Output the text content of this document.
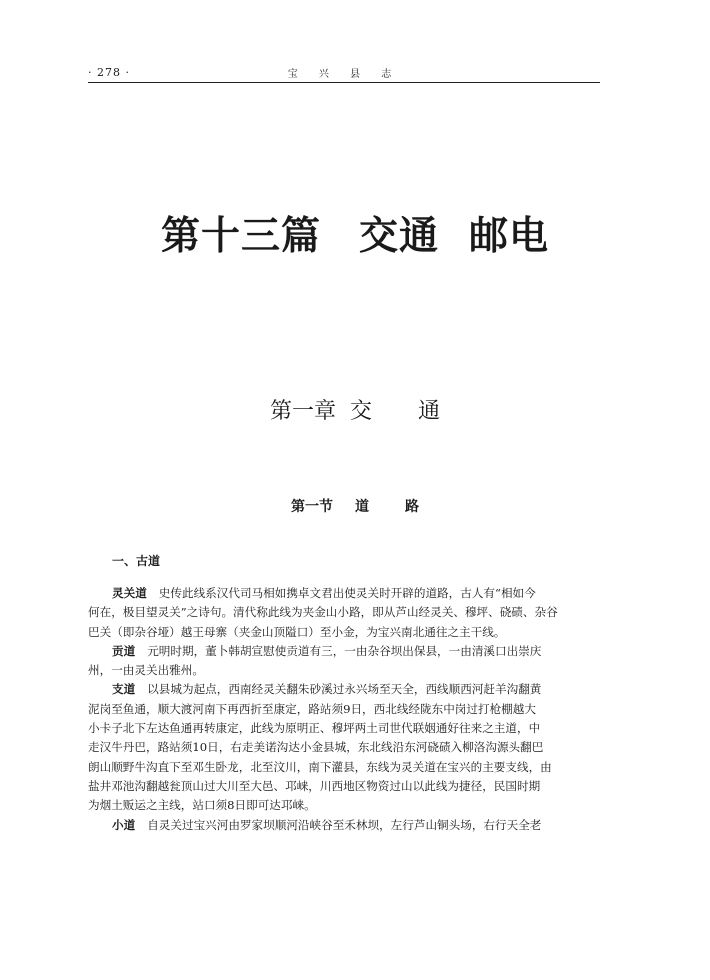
· 278 ·	宝 兴 县 志
第十三篇 交通 邮电
第一章 交 通
第一节 道	路
一、古道
灵关道 史传此线系汉代司马相如携卓文君出使灵关时开辟的道路，古人有“相如今
何在，极目望灵关”之诗句。清代称此线为夹金山小路，即从芦山经灵关、穆坪、硗碛、杂谷
巴关（即杂谷垭）越王母寨（夹金山顶隘口）至小金，为宝兴南北通往之主干线。
贡道 元明时期，董卜韩胡宣慰使贡道有三，一由杂谷坝出保县，一由清溪口出崇庆
州，一由灵关出雅州。
支道 以县城为起点，西南经灵关翻朱砂溪过永兴场至天全，西线顺西河赶羊沟翻黄
泥岗至鱼通，顺大渡河南下再西折至康定，路站须9日，西北线经陇东中岗过打枪棚越大
小卡子北下左达鱼通再转康定，此线为原明正、穆坪两土司世代联姻通好往来之主道，中
走汉牛丹巴，路站须10日，右走美诺沟达小金县城，东北线沿东河硗碛入柳洛沟源头翻巴
朗山顺野牛沟直下至邓生卧龙，北至汶川，南下灌县，东线为灵关道在宝兴的主要支线，由
盐井邓池沟翻越瓮顶山过大川至大邑、邛崃，川西地区物资过山以此线为捷径，民国时期
为烟土贩运之主线，站口须8日即可达邛崃。
小道 自灵关过宝兴河由罗家坝顺河沿峡谷至禾林坝，左行芦山铜头场，右行天全老
